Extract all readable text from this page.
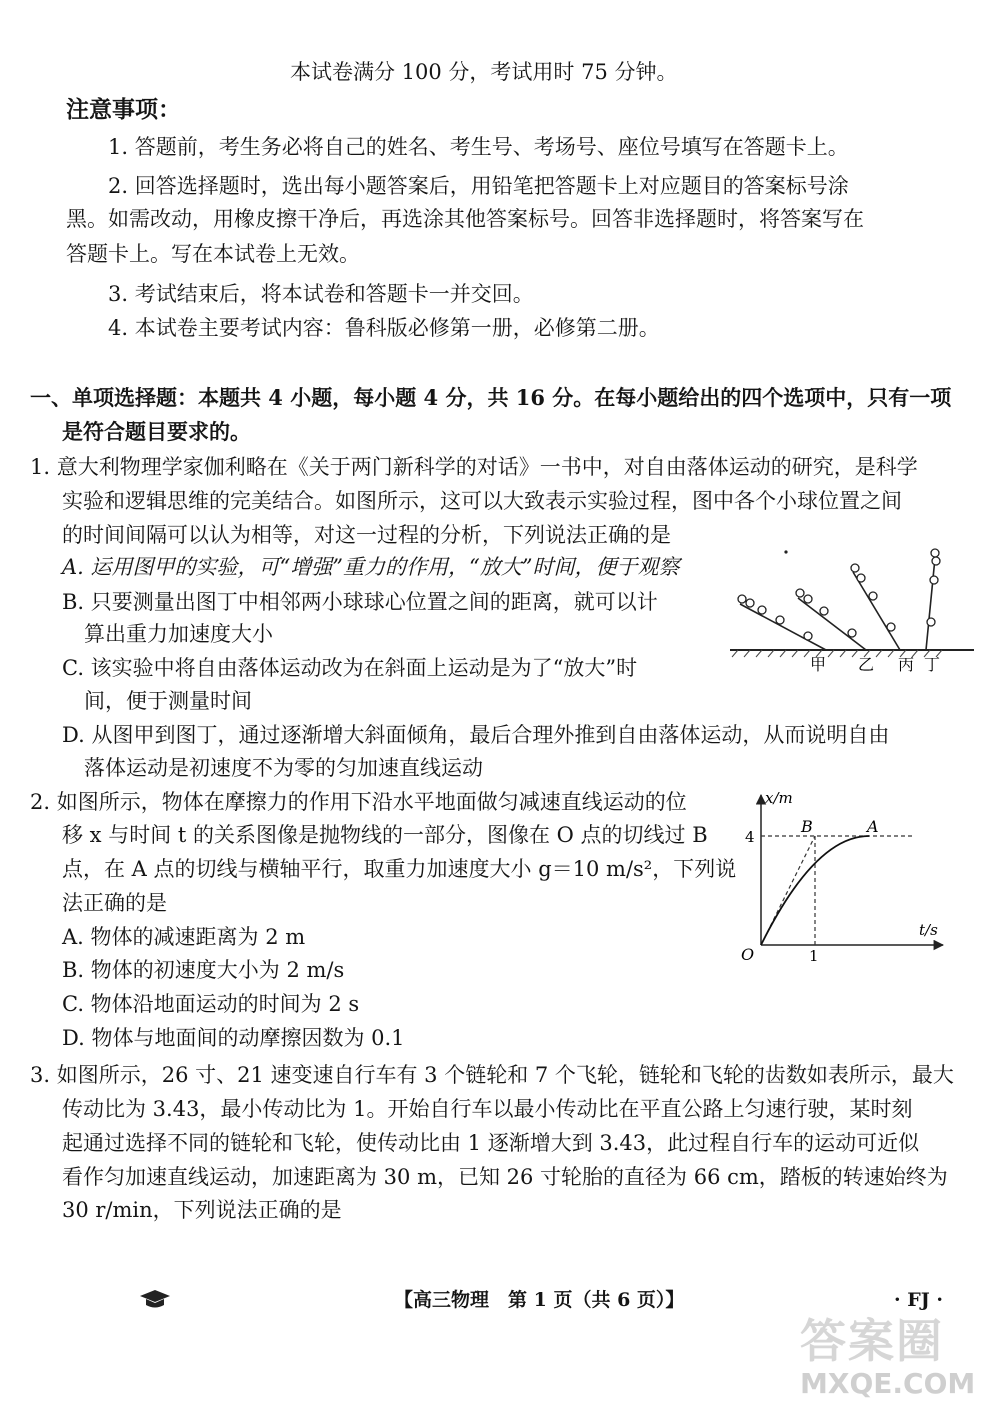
本试卷满分 100 分，考试用时 75 分钟。
注意事项：
1. 答题前，考生务必将自己的姓名、考生号、考场号、座位号填写在答题卡上。
2. 回答选择题时，选出每小题答案后，用铅笔把答题卡上对应题目的答案标号涂
黑。如需改动，用橡皮擦干净后，再选涂其他答案标号。回答非选择题时，将答案写在
答题卡上。写在本试卷上无效。
3. 考试结束后，将本试卷和答题卡一并交回。
4. 本试卷主要考试内容：鲁科版必修第一册，必修第二册。
一、单项选择题：本题共 4 小题，每小题 4 分，共 16 分。在每小题给出的四个选项中，只有一项
是符合题目要求的。
1. 意大利物理学家伽利略在《关于两门新科学的对话》一书中，对自由落体运动的研究，是科学
实验和逻辑思维的完美结合。如图所示，这可以大致表示实验过程，图中各个小球位置之间
的时间间隔可以认为相等，对这一过程的分析，下列说法正确的是
A. 运用图甲的实验，可“增强”重力的作用，“放大”时间，便于观察
B. 只要测量出图丁中相邻两小球球心位置之间的距离，就可以计
算出重力加速度大小
C. 该实验中将自由落体运动改为在斜面上运动是为了“放大”时
间，便于测量时间
D. 从图甲到图丁，通过逐渐增大斜面倾角，最后合理外推到自由落体运动，从而说明自由
落体运动是初速度不为零的匀加速直线运动
甲 乙 丙 丁
2. 如图所示，物体在摩擦力的作用下沿水平地面做匀减速直线运动的位
移 x 与时间 t 的关系图像是抛物线的一部分，图像在 O 点的切线过 B
点，在 A 点的切线与横轴平行，取重力加速度大小 g＝10 m/s²，下列说
法正确的是
A. 物体的减速距离为 2 m
B. 物体的初速度大小为 2 m/s
C. 物体沿地面运动的时间为 2 s
D. 物体与地面间的动摩擦因数为 0.1
x/m
t/s
O
4
1
B	A
3. 如图所示，26 寸、21 速变速自行车有 3 个链轮和 7 个飞轮，链轮和飞轮的齿数如表所示，最大
传动比为 3.43，最小传动比为 1。开始自行车以最小传动比在平直公路上匀速行驶，某时刻
起通过选择不同的链轮和飞轮，使传动比由 1 逐渐增大到 3.43，此过程自行车的运动可近似
看作匀加速直线运动，加速距离为 30 m，已知 26 寸轮胎的直径为 66 cm，踏板的转速始终为
30 r/min，下列说法正确的是
【高三物理　第 1 页（共 6 页）】	· FJ ·
答案圈
MXQE.COM
